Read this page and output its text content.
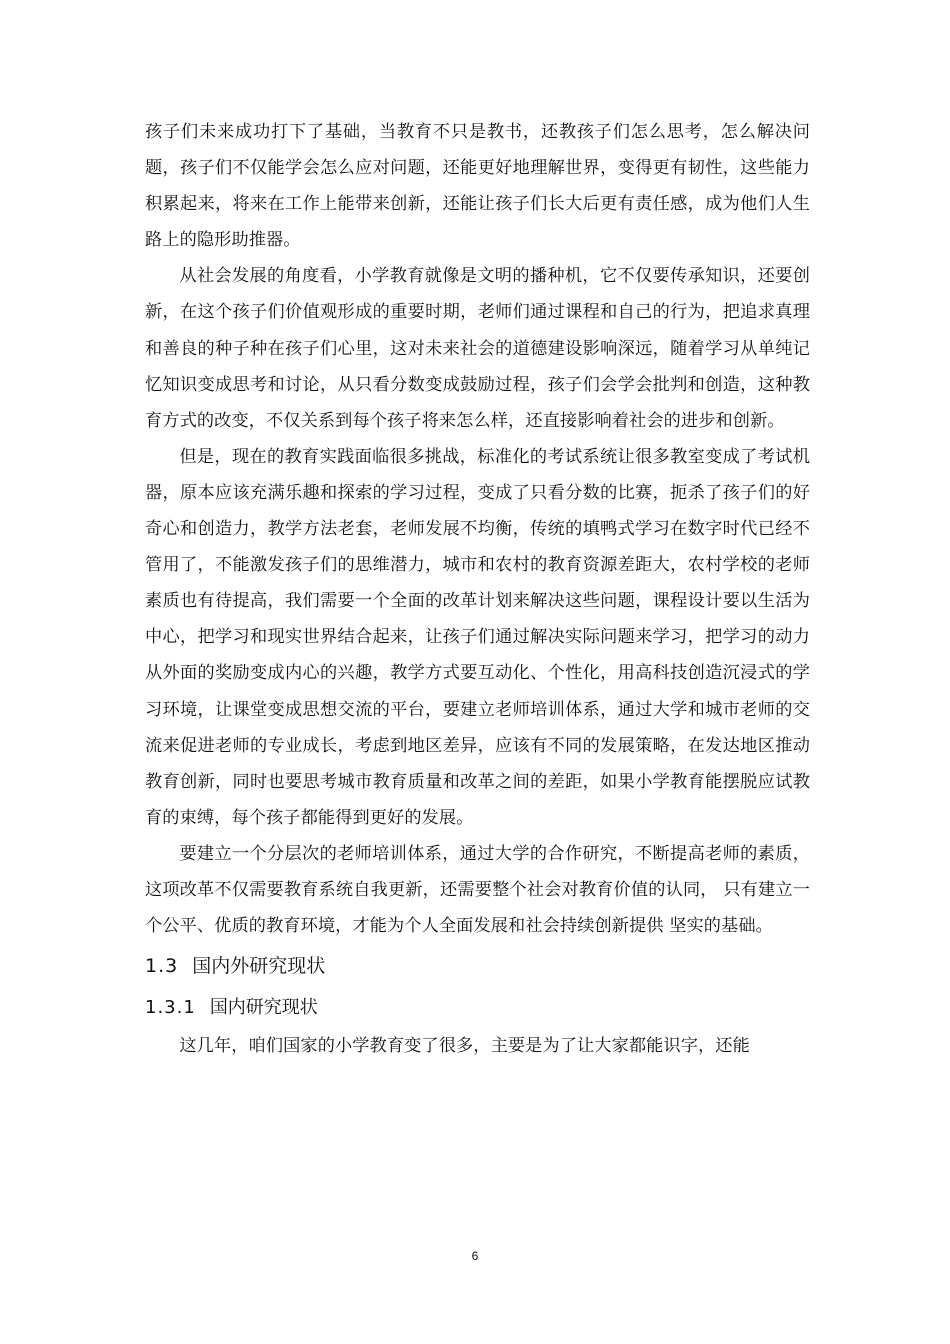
孩子们未来成功打下了基础，当教育不只是教书，还教孩子们怎么思考，怎么解决问题，孩子们不仅能学会怎么应对问题，还能更好地理解世界，变得更有韧性，这些能力积累起来，将来在工作上能带来创新，还能让孩子们长大后更有责任感，成为他们人生路上的隐形助推器。

从社会发展的角度看，小学教育就像是文明的播种机，它不仅要传承知识，还要创新，在这个孩子们价值观形成的重要时期，老师们通过课程和自己的行为，把追求真理和善良的种子种在孩子们心里，这对未来社会的道德建设影响深远，随着学习从单纯记忆知识变成思考和讨论，从只看分数变成鼓励过程，孩子们会学会批判和创造，这种教育方式的改变，不仅关系到每个孩子将来怎么样，还直接影响着社会的进步和创新。

但是，现在的教育实践面临很多挑战，标准化的考试系统让很多教室变成了考试机器，原本应该充满乐趣和探索的学习过程，变成了只看分数的比赛，扼杀了孩子们的好奇心和创造力，教学方法老套，老师发展不均衡，传统的填鸭式学习在数字时代已经不管用了，不能激发孩子们的思维潜力，城市和农村的教育资源差距大，农村学校的老师素质也有待提高，我们需要一个全面的改革计划来解决这些问题，课程设计要以生活为中心，把学习和现实世界结合起来，让孩子们通过解决实际问题来学习，把学习的动力从外面的奖励变成内心的兴趣，教学方式要互动化、个性化，用高科技创造沉浸式的学习环境，让课堂变成思想交流的平台，要建立老师培训体系，通过大学和城市老师的交流来促进老师的专业成长，考虑到地区差异，应该有不同的发展策略，在发达地区推动教育创新，同时也要思考城市教育质量和改革之间的差距，如果小学教育能摆脱应试教育的束缚，每个孩子都能得到更好的发展。

要建立一个分层次的老师培训体系，通过大学的合作研究，不断提高老师的素质，这项改革不仅需要教育系统自我更新，还需要整个社会对教育价值的认同， 只有建立一个公平、优质的教育环境，才能为个人全面发展和社会持续创新提供 坚实的基础。

1.3 国内外研究现状
1.3.1 国内研究现状

这几年，咱们国家的小学教育变了很多，主要是为了让大家都能识字，还能

6
